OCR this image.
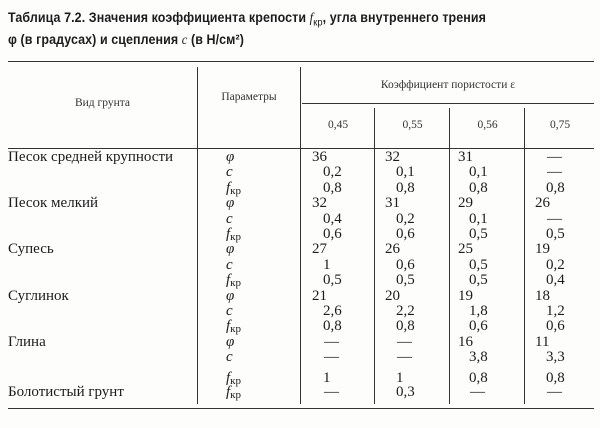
Таблица 7.2. Значения коэффициента крепости $f_{кр}$, угла внутреннего трения
φ (в градусах) и сцепления c (в Н/см²)
Вид грунта	Параметры
Коэффициент пористости ε
0,45	0,55	0,56	0,75
Песок средней крупности	φ	36	32	31	—
c	0,2	0,1	0,1	—
$f_{кр}$	0,8	0,8	0,8	0,8
Песок мелкий	φ	32	31	29	26
c	0,4	0,2	0,1	—
$f_{кр}$	0,6	0,6	0,5	0,5
Супесь	φ	27	26	25	19
c	1	0,6	0,5	0,2
$f_{кр}$	0,5	0,5	0,5	0,4
Суглинок	φ	21	20	19	18
c	2,6	2,2	1,8	1,2
$f_{кр}$	0,8	0,8	0,6	0,6
Глина	φ	—	—	16	11
c	—	—	3,8	3,3
$f_{кр}$	1	1	0,8	0,8
Болотистый грунт	$f_{кр}$	—	0,3	—	—
